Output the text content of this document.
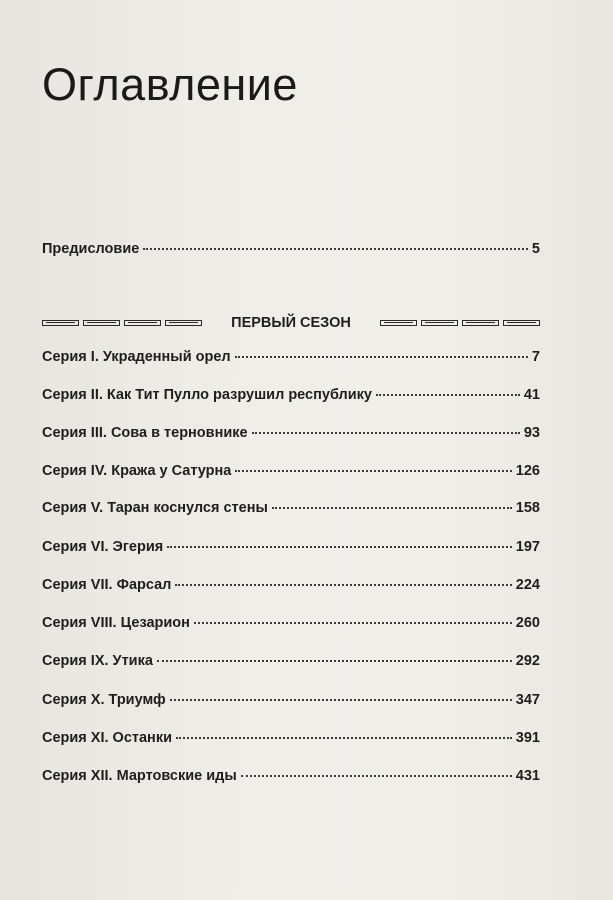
Оглавление
Предисловие	5
ПЕРВЫЙ СЕЗОН
Серия I. Украденный орел	7
Серия II. Как Тит Пулло разрушил республику	41
Серия III. Сова в терновнике	93
Серия IV. Кража у Сатурна	126
Серия V. Таран коснулся стены	158
Серия VI. Эгерия	197
Серия VII. Фарсал	224
Серия VIII. Цезарион	260
Серия IX. Утика	292
Серия X. Триумф	347
Серия XI. Останки	391
Серия XII. Мартовские иды	431
